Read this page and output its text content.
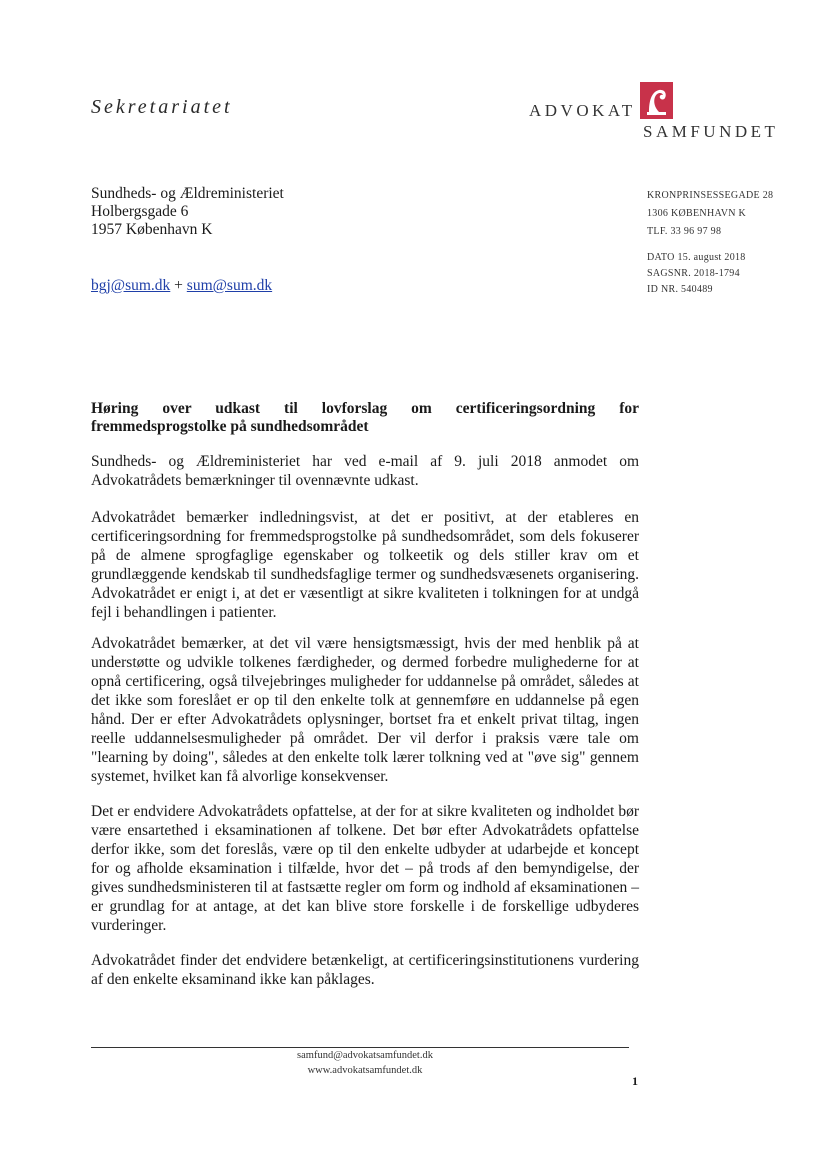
Sekretariatet	ADVOKAT
SAMFUNDET
Sundheds- og Ældreministeriet
Holbergsgade 6
1957 København K
KRONPRINSESSEGADE 28
1306 KØBENHAVN K
TLF. 33 96 97 98
DATO 15. august 2018
SAGSNR. 2018-1794
ID NR. 540489
bgj@sum.dk + sum@sum.dk
Høring over udkast til lovforslag om certificeringsordning for
fremmedsprogstolke på sundhedsområdet
Sundheds- og Ældreministeriet har ved e-mail af 9. juli 2018 anmodet om Advokatrådets bemærkninger til ovennævnte udkast.
Advokatrådet bemærker indledningsvist, at det er positivt, at der etableres en certificeringsordning for fremmedsprogstolke på sundhedsområdet, som dels fokuserer på de almene sprogfaglige egenskaber og tolkeetik og dels stiller krav om et grundlæggende kendskab til sundhedsfaglige termer og sundhedsvæsenets organisering. Advokatrådet er enigt i, at det er væsentligt at sikre kvaliteten i tolkningen for at undgå fejl i behandlingen i patienter.
Advokatrådet bemærker, at det vil være hensigtsmæssigt, hvis der med henblik på at understøtte og udvikle tolkenes færdigheder, og dermed forbedre mulighederne for at opnå certificering, også tilvejebringes muligheder for uddannelse på området, således at det ikke som foreslået er op til den enkelte tolk at gennemføre en uddannelse på egen hånd. Der er efter Advokatrådets oplysninger, bortset fra et enkelt privat tiltag, ingen reelle uddannelsesmuligheder på området. Der vil derfor i praksis være tale om "learning by doing", således at den enkelte tolk lærer tolkning ved at "øve sig" gennem systemet, hvilket kan få alvorlige konsekvenser.
Det er endvidere Advokatrådets opfattelse, at der for at sikre kvaliteten og indholdet bør være ensartethed i eksaminationen af tolkene. Det bør efter Advokatrådets opfattelse derfor ikke, som det foreslås, være op til den enkelte udbyder at udarbejde et koncept for og afholde eksamination i tilfælde, hvor det – på trods af den bemyndigelse, der gives sundhedsministeren til at fastsætte regler om form og indhold af eksaminationen – er grundlag for at antage, at det kan blive store forskelle i de forskellige udbyderes vurderinger.
Advokatrådet finder det endvidere betænkeligt, at certificeringsinstitutionens vurdering af den enkelte eksaminand ikke kan påklages.
samfund@advokatsamfundet.dk
www.advokatsamfundet.dk
1
